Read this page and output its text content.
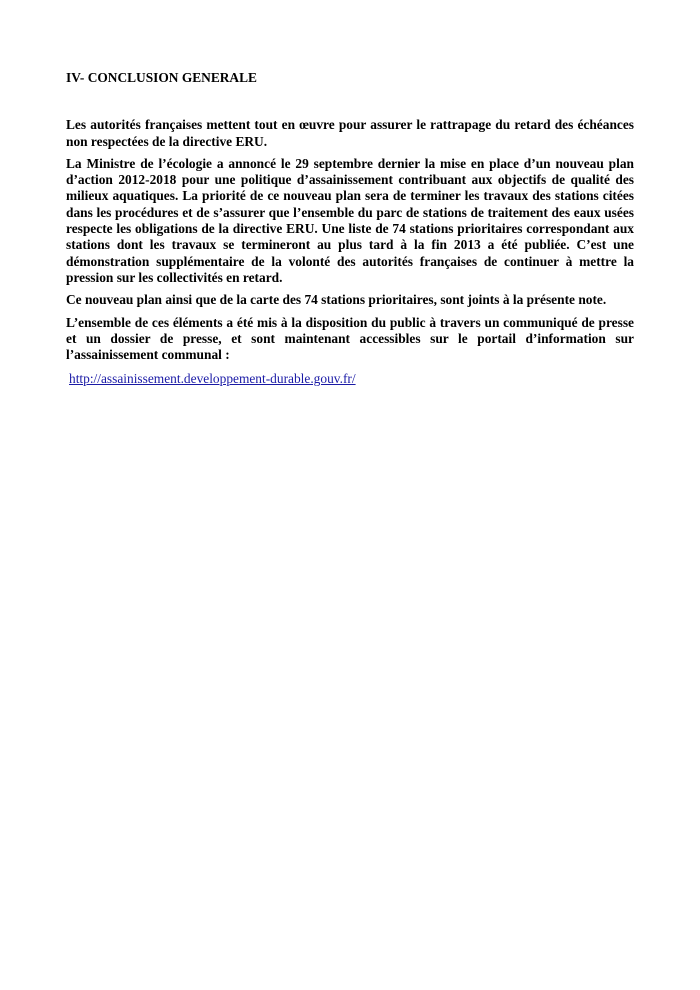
IV- CONCLUSION GENERALE

Les autorités françaises mettent tout en œuvre pour assurer le rattrapage du retard des échéances non respectées de la directive ERU.

La Ministre de l’écologie a annoncé le 29 septembre dernier la mise en place d’un nouveau plan d’action 2012-2018 pour une politique d’assainissement contribuant aux objectifs de qualité des milieux aquatiques. La priorité de ce nouveau plan sera de terminer les travaux des stations citées dans les procédures et de s’assurer que l’ensemble du parc de stations de traitement des eaux usées respecte les obligations de la directive ERU. Une liste de 74 stations prioritaires correspondant aux stations dont les travaux se termineront au plus tard à la fin 2013 a été publiée. C’est une démonstration supplémentaire de la volonté des autorités françaises de continuer à mettre la pression sur les collectivités en retard.

Ce nouveau plan ainsi que de la carte des 74 stations prioritaires, sont joints à la présente note.

L’ensemble de ces éléments a été mis à la disposition du public à travers un communiqué de presse et un dossier de presse, et sont maintenant accessibles sur le portail d’information sur l’assainissement communal :

http://assainissement.developpement-durable.gouv.fr/
